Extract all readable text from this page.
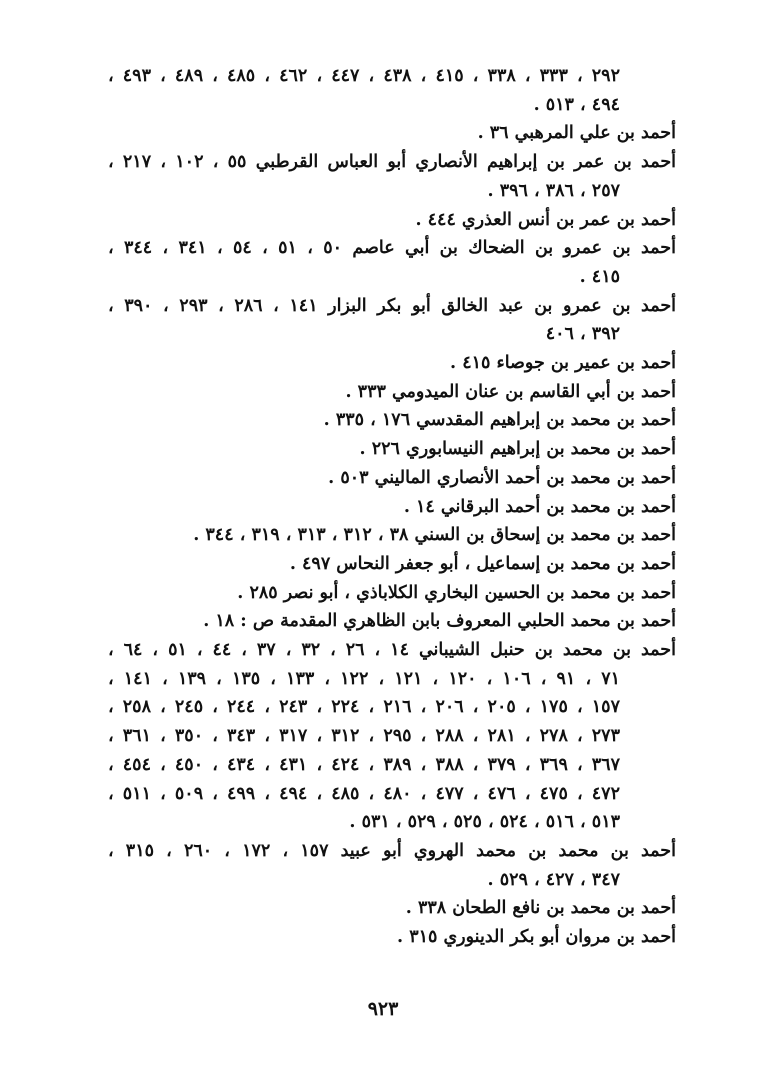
٢٩٢ ، ٣٣٣ ، ٣٣٨ ، ٤١٥ ، ٤٣٨ ، ٤٤٧ ، ٤٦٢ ، ٤٨٥ ، ٤٨٩ ، ٤٩٣ ،
٤٩٤ ، ٥١٣ .
أحمد بن علي المرهبي ٣٦ .
أحمد بن عمر بن إبراهيم الأنصاري أبو العباس القرطبي ٥٥ ، ١٠٢ ، ٢١٧ ،
٢٥٧ ، ٣٨٦ ، ٣٩٦ .
أحمد بن عمر بن أنس العذري ٤٤٤ .
أحمد بن عمرو بن الضحاك بن أبي عاصم ٥٠ ، ٥١ ، ٥٤ ، ٣٤١ ، ٣٤٤ ،
٤١٥ .
أحمد بن عمرو بن عبد الخالق أبو بكر البزار ١٤١ ، ٢٨٦ ، ٢٩٣ ، ٣٩٠ ،
٣٩٢ ، ٤٠٦
أحمد بن عمير بن جوصاء ٤١٥ .
أحمد بن أبي القاسم بن عنان الميدومي ٣٣٣ .
أحمد بن محمد بن إبراهيم المقدسي ١٧٦ ، ٣٣٥ .
أحمد بن محمد بن إبراهيم النيسابوري ٢٢٦ .
أحمد بن محمد بن أحمد الأنصاري المالیني ٥٠٣ .
أحمد بن محمد بن أحمد البرقاني ١٤ .
أحمد بن محمد بن إسحاق بن السني ٣٨ ، ٣١٢ ، ٣١٣ ، ٣١٩ ، ٣٤٤ .
أحمد بن محمد بن إسماعيل ، أبو جعفر النحاس ٤٩٧ .
أحمد بن محمد بن الحسين البخاري الكلاباذي ، أبو نصر ٢٨٥ .
أحمد بن محمد الحلبي المعروف بابن الظاهري المقدمة ص : ١٨ .
أحمد بن محمد بن حنبل الشيباني ١٤ ، ٢٦ ، ٣٢ ، ٣٧ ، ٤٤ ، ٥١ ، ٦٤ ،
٧١ ، ٩١ ، ١٠٦ ، ١٢٠ ، ١٢١ ، ١٢٢ ، ١٣٣ ، ١٣٥ ، ١٣٩ ، ١٤١ ،
١٥٧ ، ١٧٥ ، ٢٠٥ ، ٢٠٦ ، ٢١٦ ، ٢٢٤ ، ٢٤٣ ، ٢٤٤ ، ٢٤٥ ، ٢٥٨ ،
٢٧٣ ، ٢٧٨ ، ٢٨١ ، ٢٨٨ ، ٢٩٥ ، ٣١٢ ، ٣١٧ ، ٣٤٣ ، ٣٥٠ ، ٣٦١ ،
٣٦٧ ، ٣٦٩ ، ٣٧٩ ، ٣٨٨ ، ٣٨٩ ، ٤٢٤ ، ٤٣١ ، ٤٣٤ ، ٤٥٠ ، ٤٥٤ ،
٤٧٢ ، ٤٧٥ ، ٤٧٦ ، ٤٧٧ ، ٤٨٠ ، ٤٨٥ ، ٤٩٤ ، ٤٩٩ ، ٥٠٩ ، ٥١١ ،
٥١٣ ، ٥١٦ ، ٥٢٤ ، ٥٢٥ ، ٥٢٩ ، ٥٣١ .
أحمد بن محمد بن محمد الهروي أبو عبيد ١٥٧ ، ١٧٢ ، ٢٦٠ ، ٣١٥ ،
٣٤٧ ، ٤٢٧ ، ٥٢٩ .
أحمد بن محمد بن نافع الطحان ٣٣٨ .
أحمد بن مروان أبو بكر الدينوري ٣١٥ .
٩٢٣
